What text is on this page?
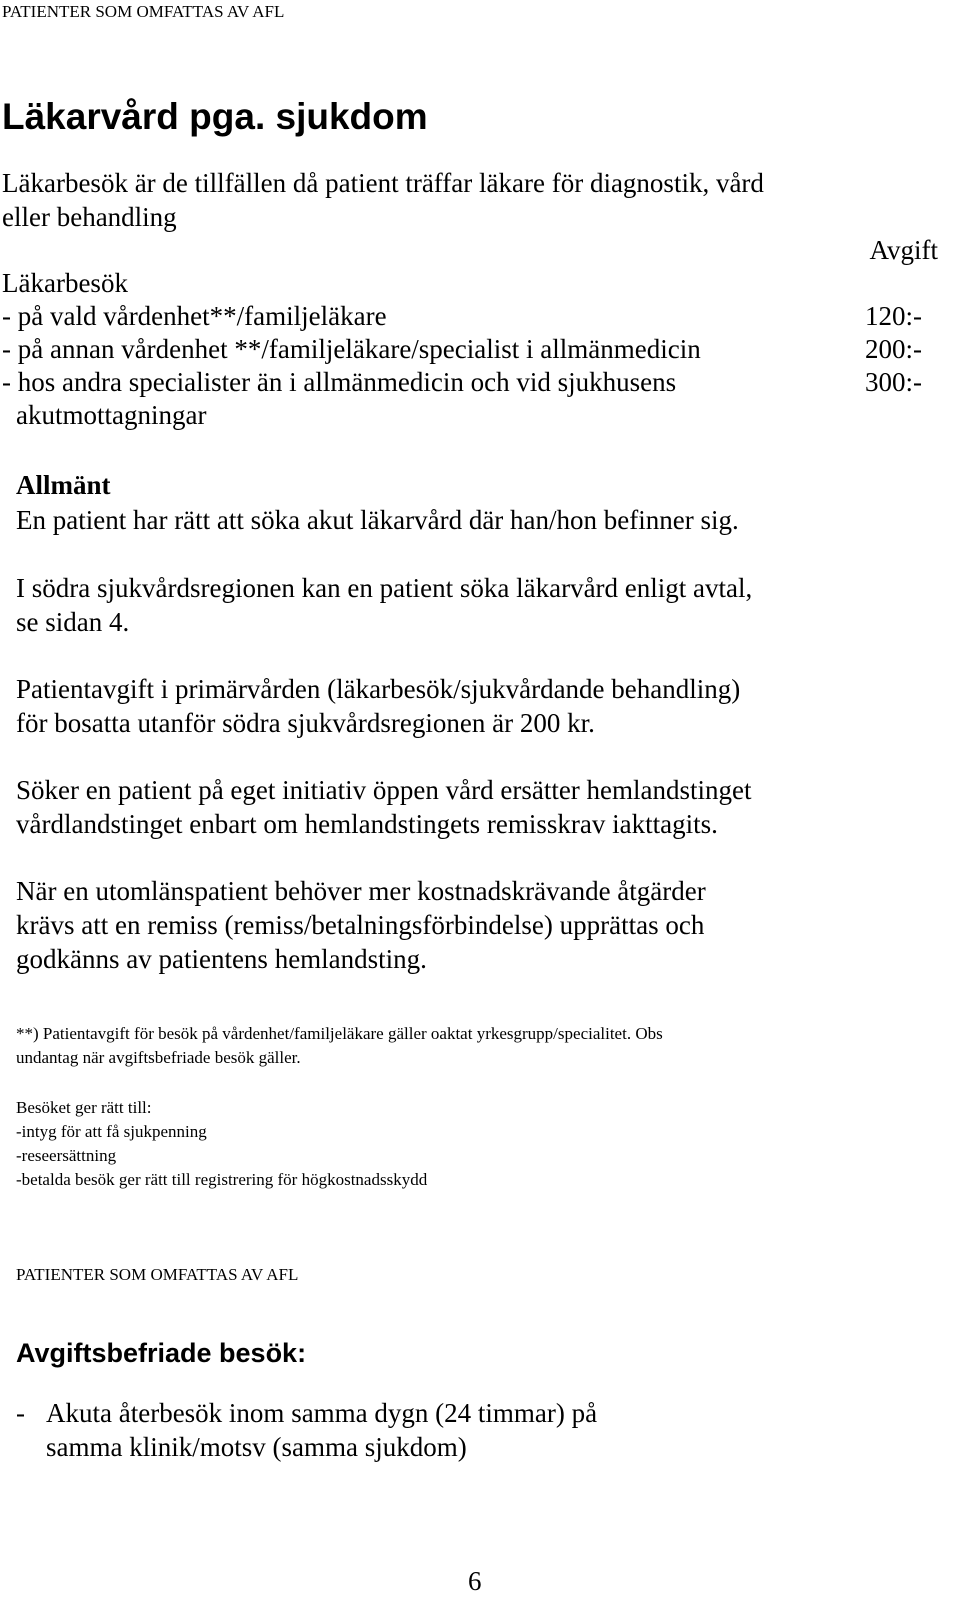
PATIENTER SOM OMFATTAS AV AFL
Läkarvård pga. sjukdom
Läkarbesök är de tillfällen då patient träffar läkare för diagnostik, vård
eller behandling
Avgift
Läkarbesök
- på vald vårdenhet**/familjeläkare	120:-
- på annan vårdenhet **/familjeläkare/specialist i allmänmedicin	200:-
- hos andra specialister än i allmänmedicin och vid sjukhusens	300:-
akutmottagningar
Allmänt
En patient har rätt att söka akut läkarvård där han/hon befinner sig.
I södra sjukvårdsregionen kan en patient söka läkarvård enligt avtal,
se sidan 4.
Patientavgift i primärvården (läkarbesök/sjukvårdande behandling)
för bosatta utanför södra sjukvårdsregionen är 200 kr.
Söker en patient på eget initiativ öppen vård ersätter hemlandstinget
vårdlandstinget enbart om hemlandstingets remisskrav iakttagits.
När en utomlänspatient behöver mer kostnadskrävande åtgärder
krävs att en remiss (remiss/betalningsförbindelse) upprättas och
godkänns av patientens hemlandsting.
**) Patientavgift för besök på vårdenhet/familjeläkare gäller oaktat yrkesgrupp/specialitet. Obs
undantag när avgiftsbefriade besök gäller.
Besöket ger rätt till:
-intyg för att få sjukpenning
-reseersättning
-betalda besök ger rätt till registrering för högkostnadsskydd
PATIENTER SOM OMFATTAS AV AFL
Avgiftsbefriade besök:
- Akuta återbesök inom samma dygn (24 timmar) på
samma klinik/motsv (samma sjukdom)
6
